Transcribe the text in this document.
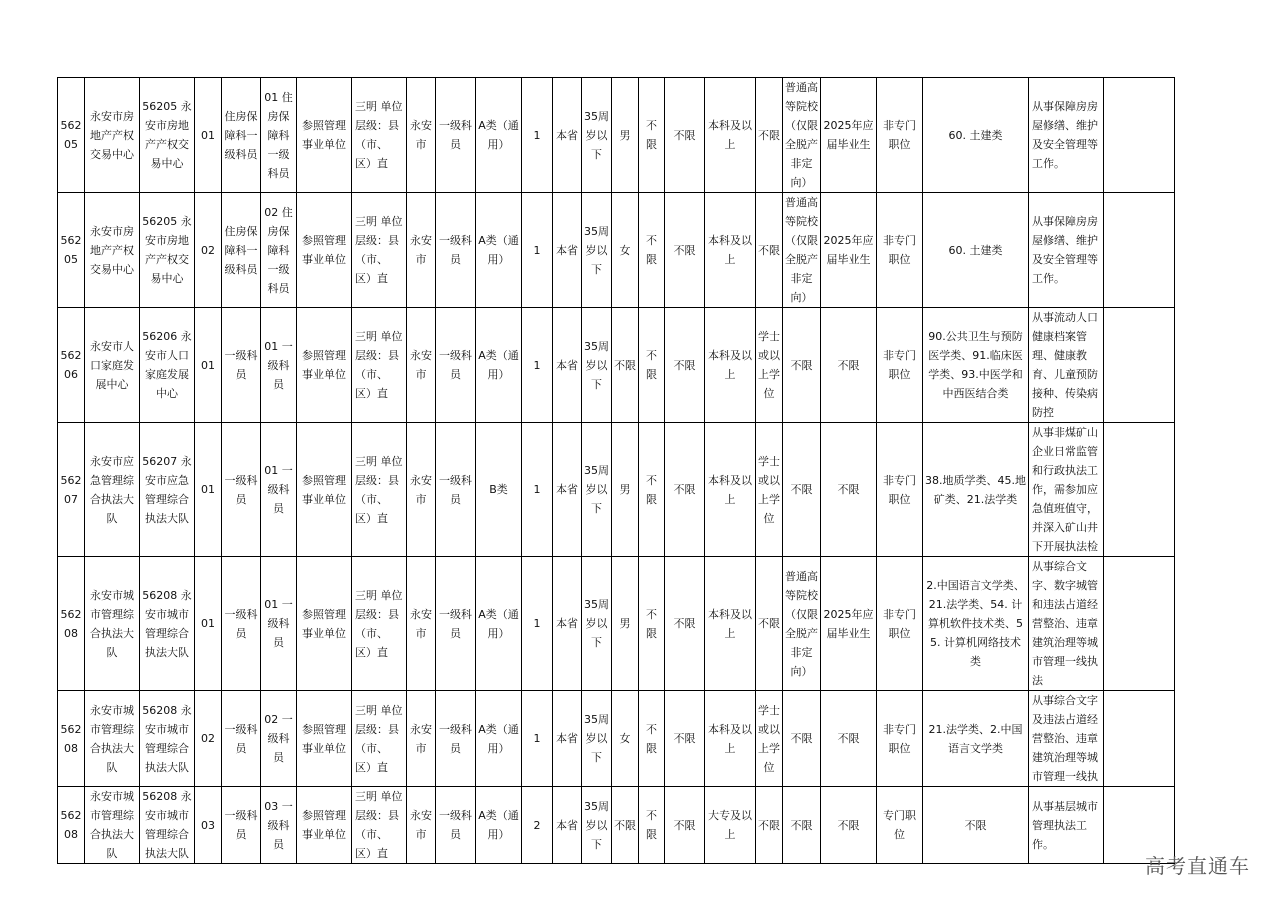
56205	永安市房地产产权交易中心	56205 永安市房地产产权交易中心	01	住房保障科一级科员	01 住房保障科一级科员	参照管理事业单位	三明 单位层级：县（市、区）直	永安市	一级科员	A类（通用）	1	本省	35周岁以下	男	不限	不限	本科及以上	不限	普通高等院校（仅限全脱产非定向）	2025年应届毕业生	非专门职位	60. 土建类	从事保障房房屋修缮、维护及安全管理等工作。	
56205	永安市房地产产权交易中心	56205 永安市房地产产权交易中心	02	住房保障科一级科员	02 住房保障科一级科员	参照管理事业单位	三明 单位层级：县（市、区）直	永安市	一级科员	A类（通用）	1	本省	35周岁以下	女	不限	不限	本科及以上	不限	普通高等院校（仅限全脱产非定向）	2025年应届毕业生	非专门职位	60. 土建类	从事保障房房屋修缮、维护及安全管理等工作。	
56206	永安市人口家庭发展中心	56206 永安市人口家庭发展中心	01	一级科员	01 一级科员	参照管理事业单位	三明 单位层级：县（市、区）直	永安市	一级科员	A类（通用）	1	本省	35周岁以下	不限	不限	不限	本科及以上	学士或以上学位	不限	不限	非专门职位	90.公共卫生与预防医学类、91.临床医学类、93.中医学和中西医结合类	从事流动人口健康档案管理、健康教育、儿童预防接种、传染病防控	
56207	永安市应急管理综合执法大队	56207 永安市应急管理综合执法大队	01	一级科员	01 一级科员	参照管理事业单位	三明 单位层级：县（市、区）直	永安市	一级科员	B类	1	本省	35周岁以下	男	不限	不限	本科及以上	学士或以上学位	不限	不限	非专门职位	38.地质学类、45.地矿类、21.法学类	从事非煤矿山企业日常监管和行政执法工作，需参加应急值班值守，并深入矿山井下开展执法检	
56208	永安市城市管理综合执法大队	56208 永安市城市管理综合执法大队	01	一级科员	01 一级科员	参照管理事业单位	三明 单位层级：县（市、区）直	永安市	一级科员	A类（通用）	1	本省	35周岁以下	男	不限	不限	本科及以上	不限	普通高等院校（仅限全脱产非定向）	2025年应届毕业生	非专门职位	2.中国语言文学类、21.法学类、54. 计算机软件技术类、55. 计算机网络技术类	从事综合文字、数字城管和违法占道经营整治、违章建筑治理等城市管理一线执法	
56208	永安市城市管理综合执法大队	56208 永安市城市管理综合执法大队	02	一级科员	02 一级科员	参照管理事业单位	三明 单位层级：县（市、区）直	永安市	一级科员	A类（通用）	1	本省	35周岁以下	女	不限	不限	本科及以上	学士或以上学位	不限	不限	非专门职位	21.法学类、2.中国语言文学类	从事综合文字及违法占道经营整治、违章建筑治理等城市管理一线执	
56208	永安市城市管理综合执法大队	56208 永安市城市管理综合执法大队	03	一级科员	03 一级科员	参照管理事业单位	三明 单位层级：县（市、区）直	永安市	一级科员	A类（通用）	2	本省	35周岁以下	不限	不限	不限	大专及以上	不限	不限	不限	专门职位	不限	从事基层城市管理执法工作。	
高考直通车
